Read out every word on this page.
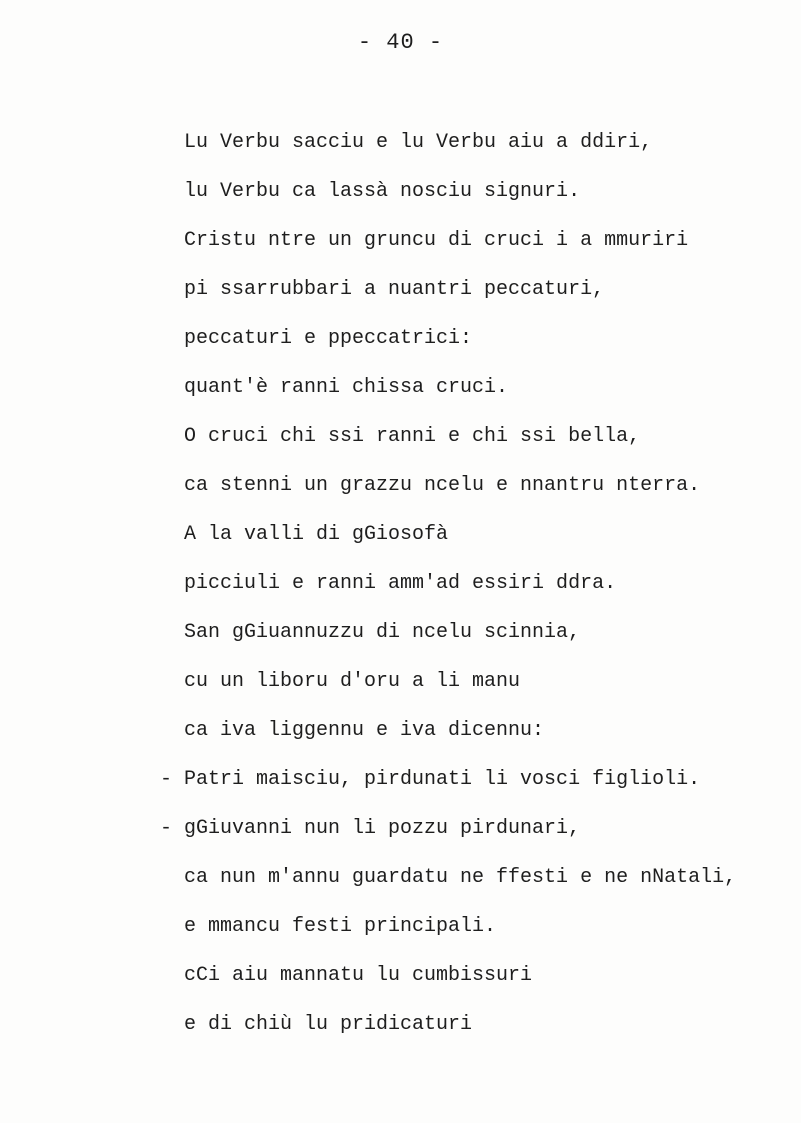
- 40 -
Lu Verbu sacciu e lu Verbu aiu a ddiri,
lu Verbu ca lassà nosciu signuri.
Cristu ntre un gruncu di cruci i a mmuriri
pi ssarrubbari a nuantri peccaturi,
peccaturi e ppeccatrici:
quant'è ranni chissa cruci.
O cruci chi ssi ranni e chi ssi bella,
ca stenni un grazzu ncelu e nnantru nterra.
A la valli di gGiosofà
picciuli e ranni amm'ad essiri ddra.
San gGiuannuzzu di ncelu scinnia,
cu un liboru d'oru a li manu
ca iva liggennu e iva dicennu:
- Patri maisciu, pirdunati li vosci figlioli.
- gGiuvanni nun li pozzu pirdunari,
ca nun m'annu guardatu ne ffesti e ne nNatali,
e mmancu festi principali.
cCi aiu mannatu lu cumbissuri
e di chiù lu pridicaturi
